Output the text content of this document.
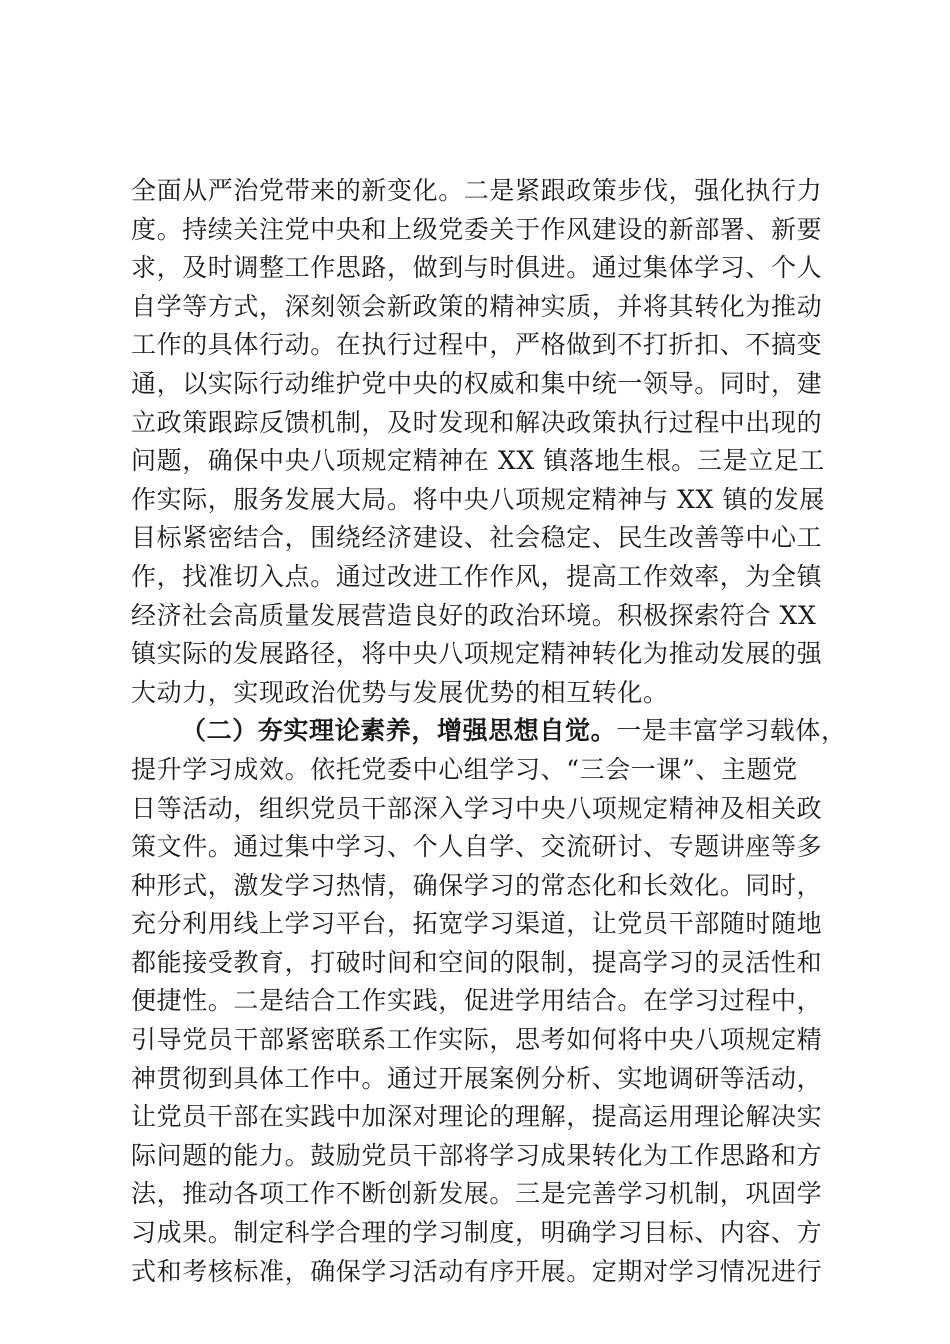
全面从严治党带来的新变化。二是紧跟政策步伐，强化执行力
度。持续关注党中央和上级党委关于作风建设的新部署、新要
求，及时调整工作思路，做到与时俱进。通过集体学习、个人
自学等方式，深刻领会新政策的精神实质，并将其转化为推动
工作的具体行动。在执行过程中，严格做到不打折扣、不搞变
通，以实际行动维护党中央的权威和集中统一领导。同时，建
立政策跟踪反馈机制，及时发现和解决政策执行过程中出现的
问题，确保中央八项规定精神在 XX 镇落地生根。三是立足工
作实际，服务发展大局。将中央八项规定精神与 XX 镇的发展
目标紧密结合，围绕经济建设、社会稳定、民生改善等中心工
作，找准切入点。通过改进工作作风，提高工作效率，为全镇
经济社会高质量发展营造良好的政治环境。积极探索符合 XX
镇实际的发展路径，将中央八项规定精神转化为推动发展的强
大动力，实现政治优势与发展优势的相互转化。
（二）夯实理论素养，增强思想自觉。一是丰富学习载体，
提升学习成效。依托党委中心组学习、“三会一课”、主题党
日等活动，组织党员干部深入学习中央八项规定精神及相关政
策文件。通过集中学习、个人自学、交流研讨、专题讲座等多
种形式，激发学习热情，确保学习的常态化和长效化。同时，
充分利用线上学习平台，拓宽学习渠道，让党员干部随时随地
都能接受教育，打破时间和空间的限制，提高学习的灵活性和
便捷性。二是结合工作实践，促进学用结合。在学习过程中，
引导党员干部紧密联系工作实际，思考如何将中央八项规定精
神贯彻到具体工作中。通过开展案例分析、实地调研等活动，
让党员干部在实践中加深对理论的理解，提高运用理论解决实
际问题的能力。鼓励党员干部将学习成果转化为工作思路和方
法，推动各项工作不断创新发展。三是完善学习机制，巩固学
习成果。制定科学合理的学习制度，明确学习目标、内容、方
式和考核标准，确保学习活动有序开展。定期对学习情况进行
